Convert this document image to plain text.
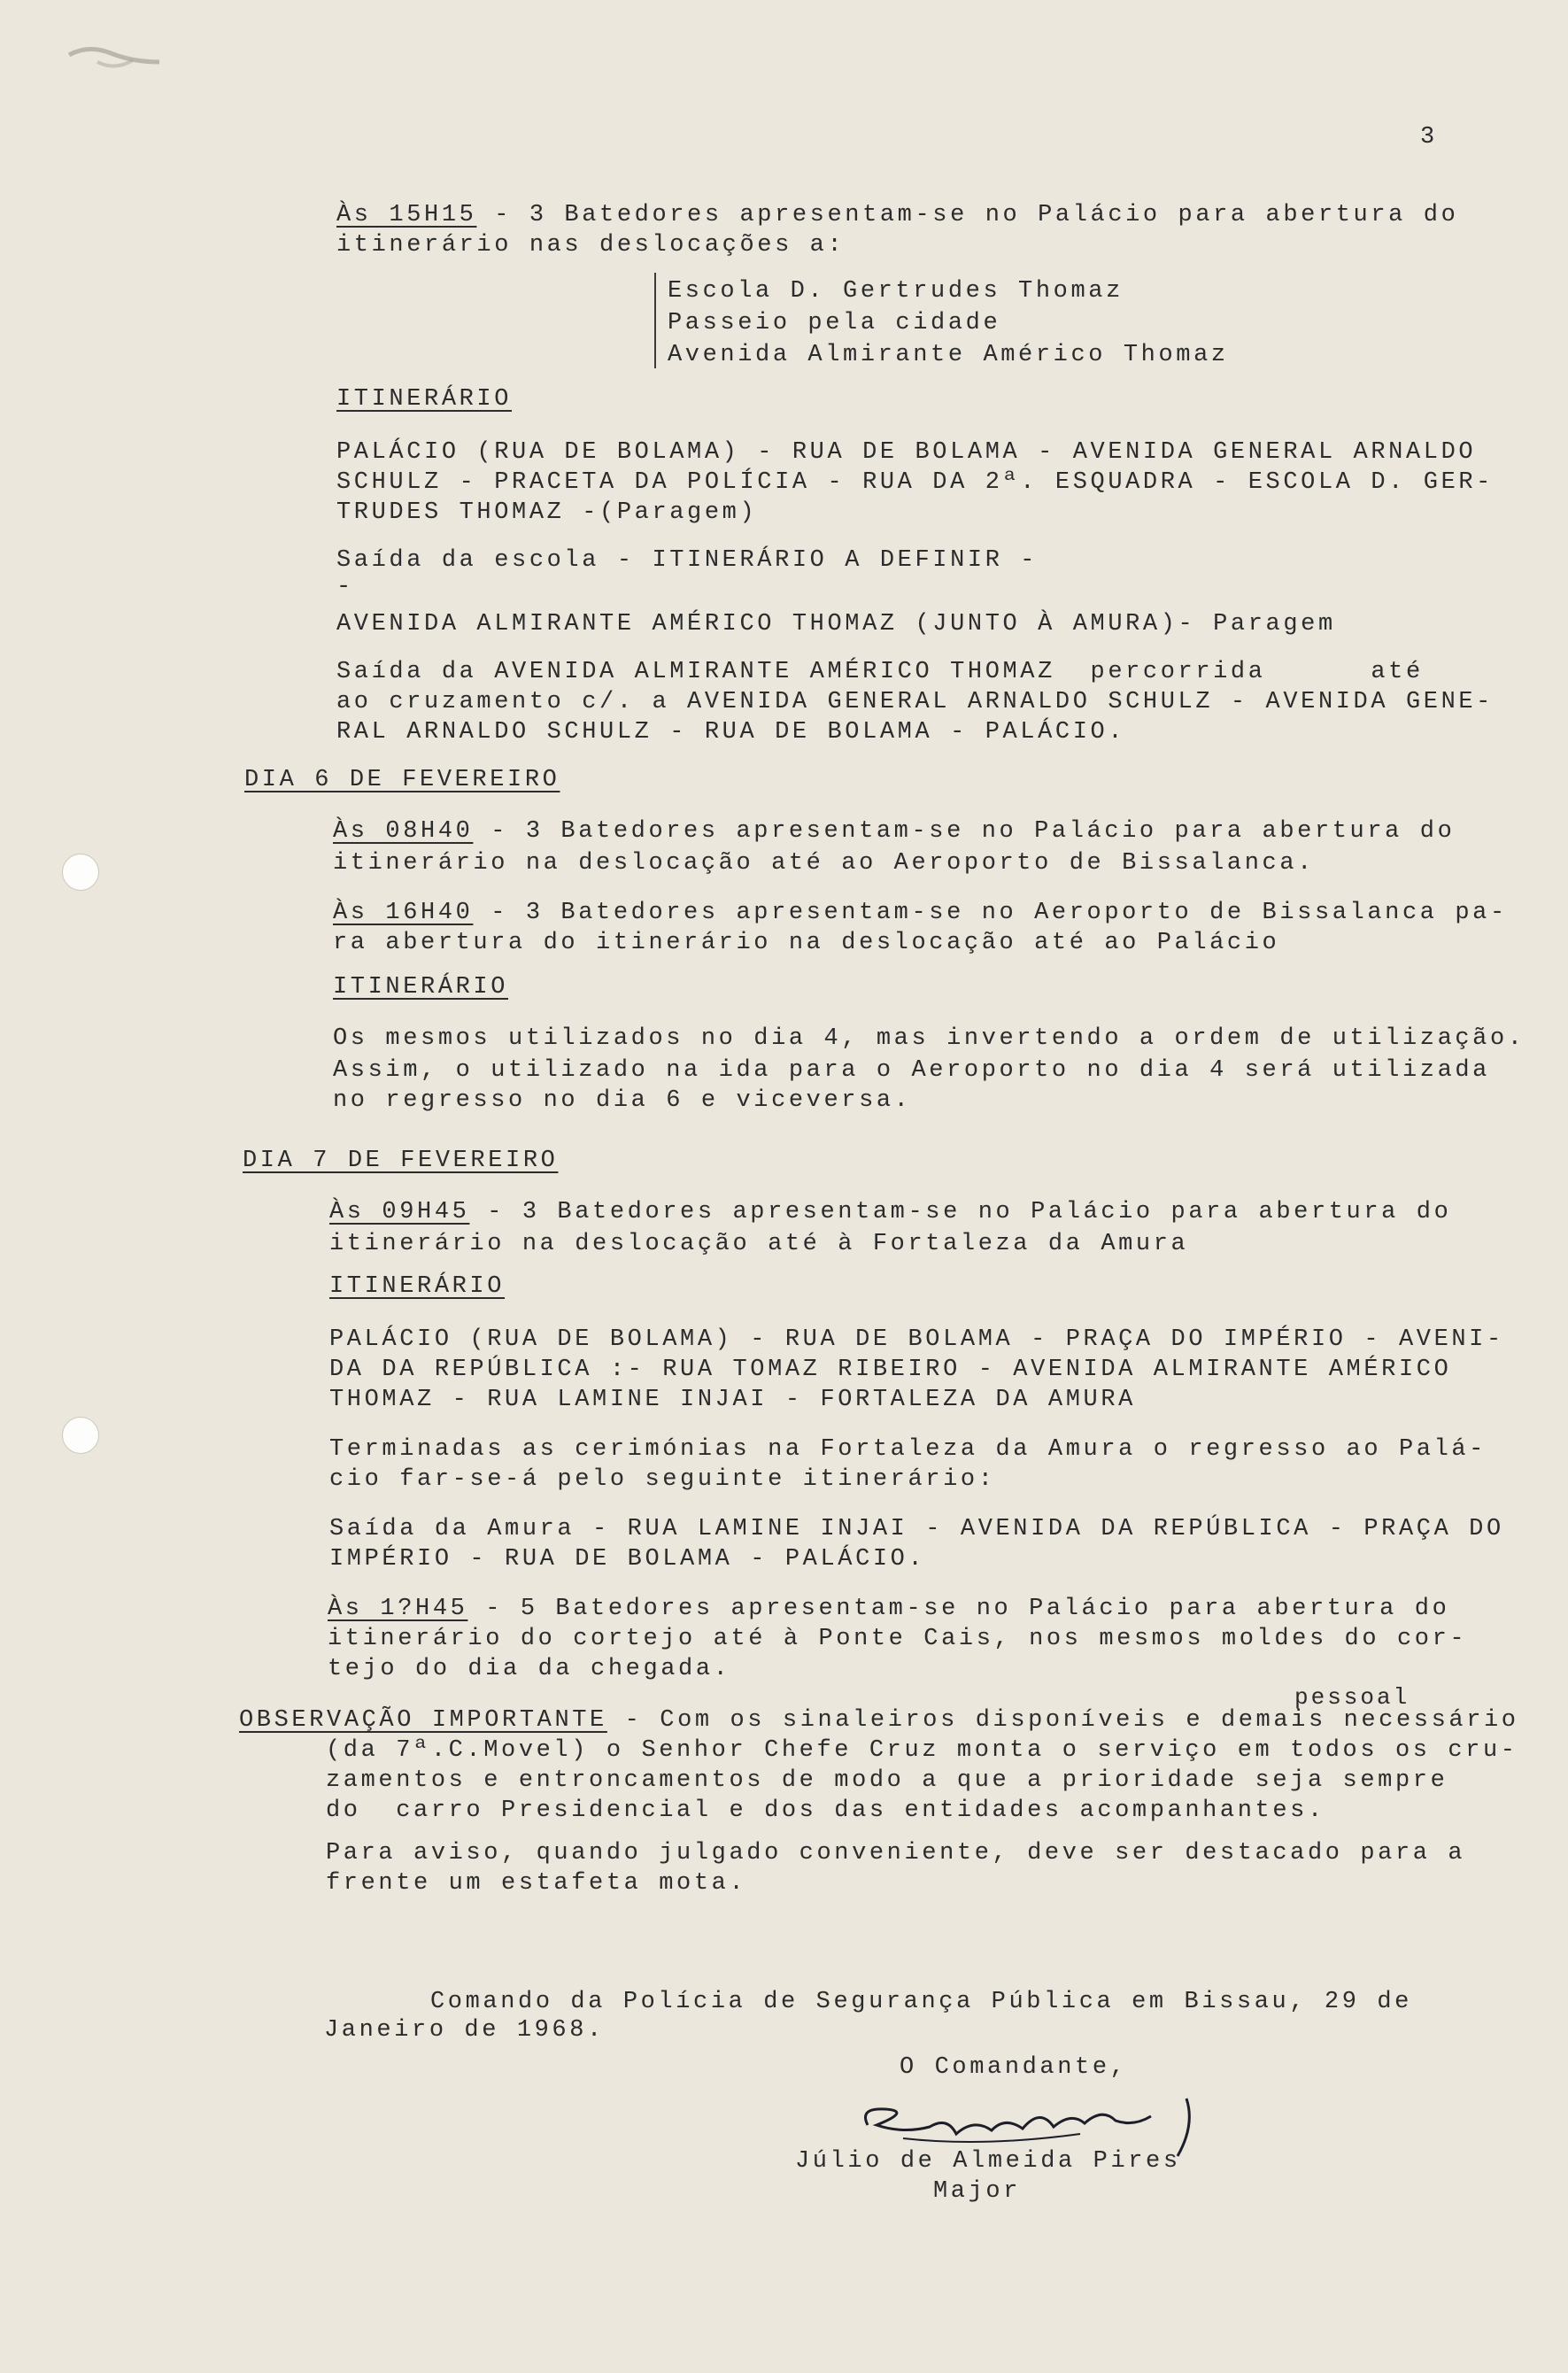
3
Às 15H15 - 3 Batedores apresentam-se no Palácio para abertura do
itinerário nas deslocações a:
Escola D. Gertrudes Thomaz
Passeio pela cidade
Avenida Almirante Américo Thomaz
ITINERÁRIO
PALÁCIO (RUA DE BOLAMA) - RUA DE BOLAMA - AVENIDA GENERAL ARNALDO
SCHULZ - PRACETA DA POLÍCIA - RUA DA 2ª. ESQUADRA - ESCOLA D. GER-
TRUDES THOMAZ -(Paragem)
Saída da escola - ITINERÁRIO A DEFINIR -
-
AVENIDA ALMIRANTE AMÉRICO THOMAZ (JUNTO À AMURA)- Paragem
Saída da AVENIDA ALMIRANTE AMÉRICO THOMAZ  percorrida      até
ao cruzamento c/. a AVENIDA GENERAL ARNALDO SCHULZ - AVENIDA GENE-
RAL ARNALDO SCHULZ - RUA DE BOLAMA - PALÁCIO.
DIA 6 DE FEVEREIRO
Às 08H40 - 3 Batedores apresentam-se no Palácio para abertura do
itinerário na deslocação até ao Aeroporto de Bissalanca.
Às 16H40 - 3 Batedores apresentam-se no Aeroporto de Bissalanca pa-
ra abertura do itinerário na deslocação até ao Palácio
ITINERÁRIO
Os mesmos utilizados no dia 4, mas invertendo a ordem de utilização.
Assim, o utilizado na ida para o Aeroporto no dia 4 será utilizada
no regresso no dia 6 e viceversa.
DIA 7 DE FEVEREIRO
Às 09H45 - 3 Batedores apresentam-se no Palácio para abertura do
itinerário na deslocação até à Fortaleza da Amura
ITINERÁRIO
PALÁCIO (RUA DE BOLAMA) - RUA DE BOLAMA - PRAÇA DO IMPÉRIO - AVENI-
DA DA REPÚBLICA :- RUA TOMAZ RIBEIRO - AVENIDA ALMIRANTE AMÉRICO
THOMAZ - RUA LAMINE INJAI - FORTALEZA DA AMURA
Terminadas as cerimónias na Fortaleza da Amura o regresso ao Palá-
cio far-se-á pelo seguinte itinerário:
Saída da Amura - RUA LAMINE INJAI - AVENIDA DA REPÚBLICA - PRAÇA DO
IMPÉRIO - RUA DE BOLAMA - PALÁCIO.
Às 1?H45 - 5 Batedores apresentam-se no Palácio para abertura do
itinerário do cortejo até à Ponte Cais, nos mesmos moldes do cor-
tejo do dia da chegada.
pessoal
OBSERVAÇÃO IMPORTANTE - Com os sinaleiros disponíveis e demais necessário
(da 7ª.C.Movel) o Senhor Chefe Cruz monta o serviço em todos os cru-
zamentos e entroncamentos de modo a que a prioridade seja sempre
do  carro Presidencial e dos das entidades acompanhantes.
Para aviso, quando julgado conveniente, deve ser destacado para a
frente um estafeta mota.
Comando da Polícia de Segurança Pública em Bissau, 29 de
Janeiro de 1968.
O Comandante,
Júlio de Almeida Pires
Major
